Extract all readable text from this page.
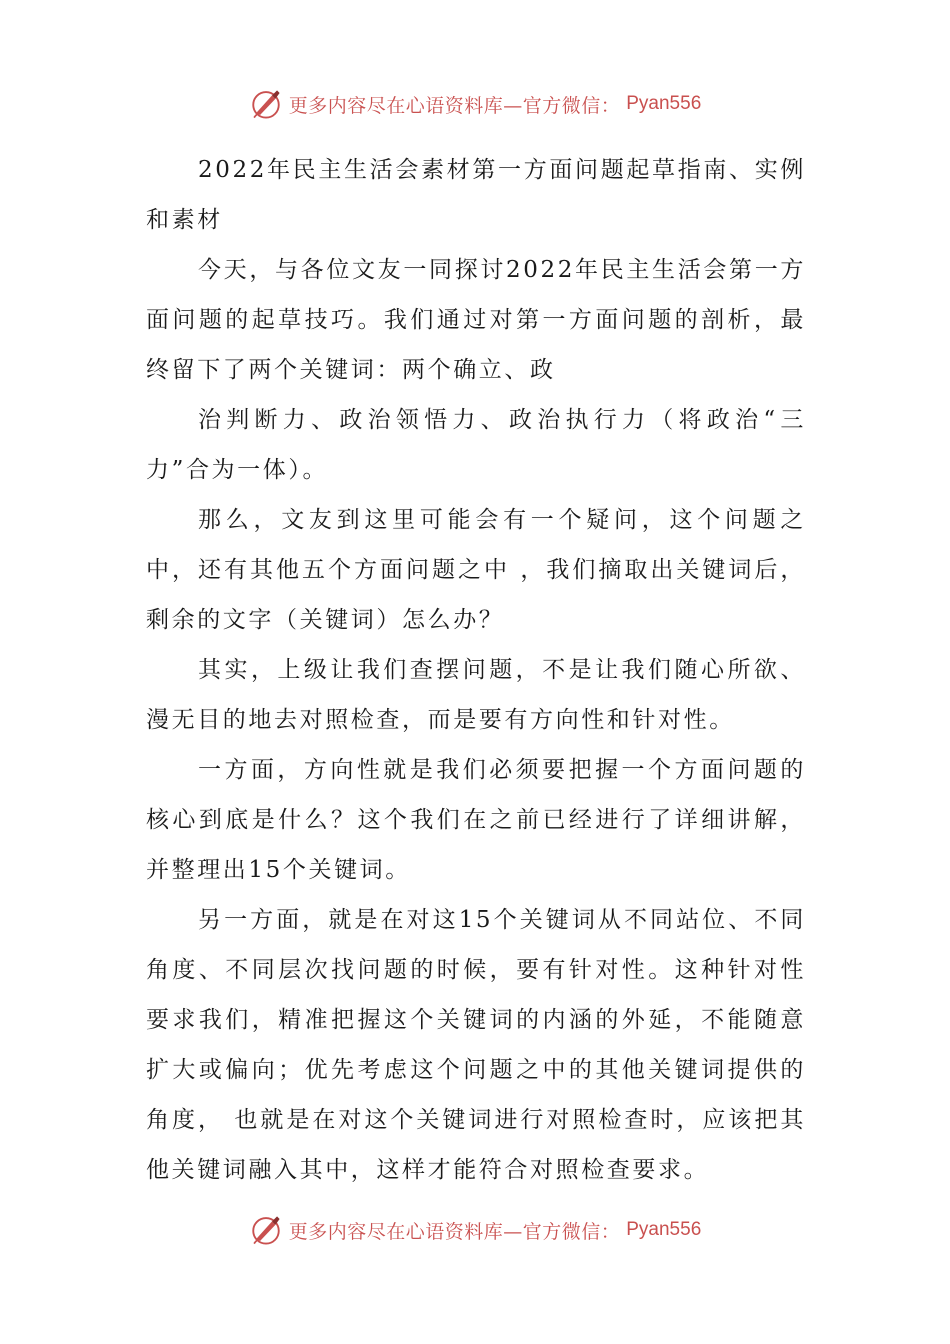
更多内容尽在心语资料库—官方微信： Pyan556

2022年民主生活会素材第一方面问题起草指南、实例和素材

今天，与各位文友一同探讨2022年民主生活会第一方面问题的起草技巧。我们通过对第一方面问题的剖析，最终留下了两个关键词：两个确立、政

治判断力、政治领悟力、政治执行力（将政治“三力”合为一体）。

那么，文友到这里可能会有一个疑问，这个问题之中，还有其他五个方面问题之中 ，我们摘取出关键词后，剩余的文字（关键词）怎么办？

其实，上级让我们查摆问题，不是让我们随心所欲、漫无目的地去对照检查，而是要有方向性和针对性。

一方面，方向性就是我们必须要把握一个方面问题的核心到底是什么？这个我们在之前已经进行了详细讲解，并整理出15个关键词。

另一方面，就是在对这15个关键词从不同站位、不同角度、不同层次找问题的时候，要有针对性。这种针对性要求我们，精准把握这个关键词的内涵的外延，不能随意扩大或偏向；优先考虑这个问题之中的其他关键词提供的角度， 也就是在对这个关键词进行对照检查时，应该把其他关键词融入其中，这样才能符合对照检查要求。

更多内容尽在心语资料库—官方微信： Pyan556
